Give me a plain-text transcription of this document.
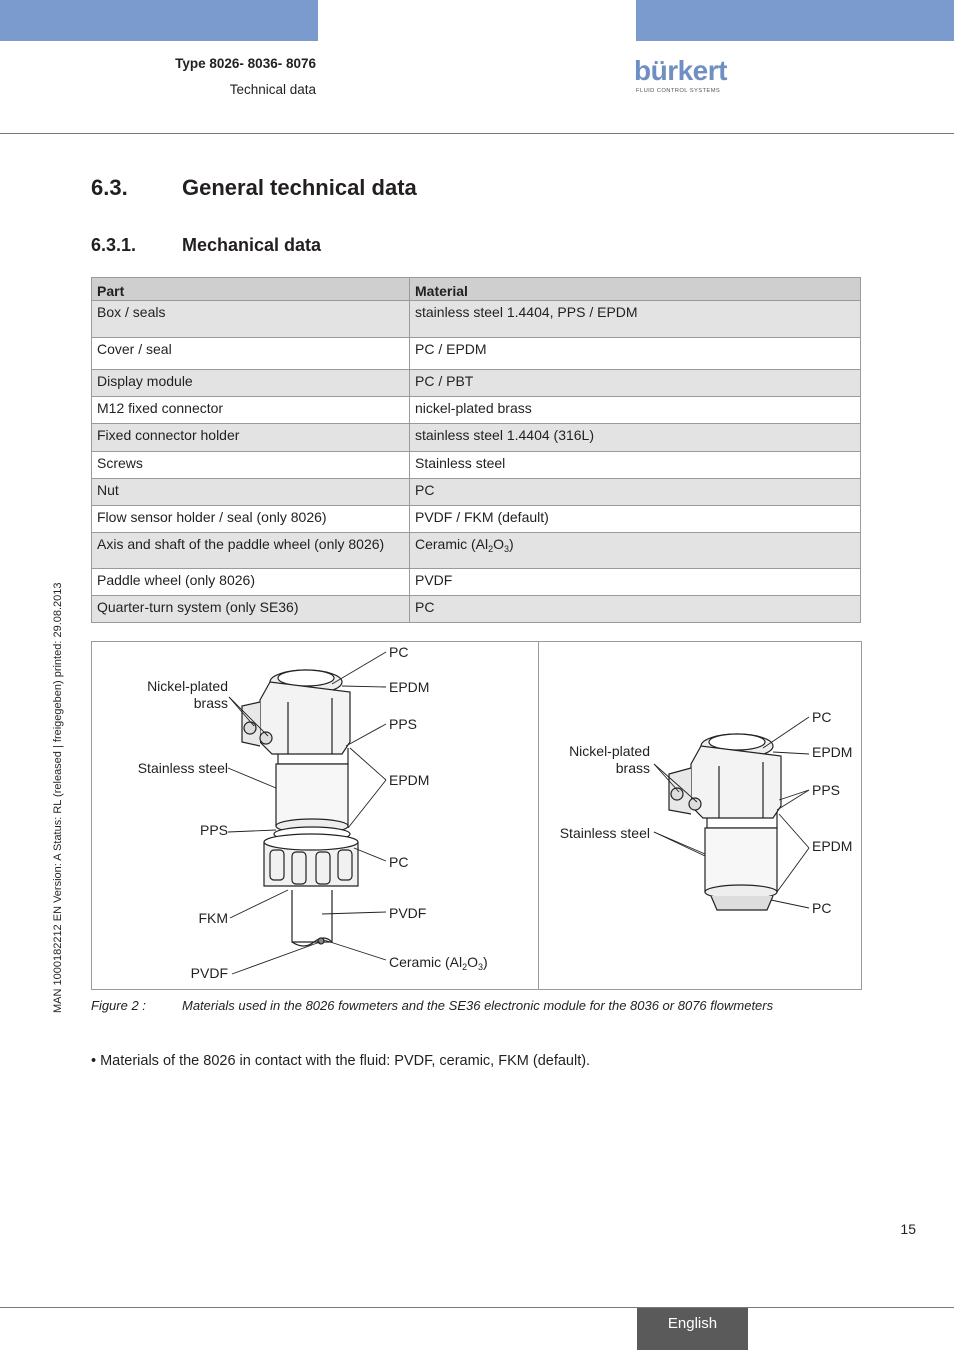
Type 8026- 8036- 8076
Technical data
bürkert
FLUID CONTROL SYSTEMS
6.3. General technical data
6.3.1.	Mechanical data
Part	Material
Box / seals	stainless steel 1.4404, PPS / EPDM
Cover / seal	PC / EPDM
Display module	PC / PBT
M12 fixed connector	nickel-plated brass
Fixed connector holder	stainless steel 1.4404 (316L)
Screws	Stainless steel
Nut	PC
Flow sensor holder / seal (only 8026)	PVDF / FKM (default)
Axis and shaft of the paddle wheel (only 8026)	Ceramic $(Al_2O_3)$
Paddle wheel (only 8026)	PVDF
Quarter-turn system (only SE36)	PC
Nickel-plated
brass
Stainless steel
PPS
FKM
PVDF
PC
EPDM
PPS
EPDM
PC
PVDF
Ceramic $(Al_2O_3)$
Nickel-plated
brass
Stainless steel
PC
EPDM
PPS
EPDM
PC
Figure 2 :	Materials used in the 8026 fowmeters and the SE36 electronic module for the 8036 or 8076 flowmeters
• Materials of the 8026 in contact with the fluid: PVDF, ceramic, FKM (default).
MAN 1000182212 EN Version: A Status: RL (released | freigegeben) printed: 29.08.2013
15
English
